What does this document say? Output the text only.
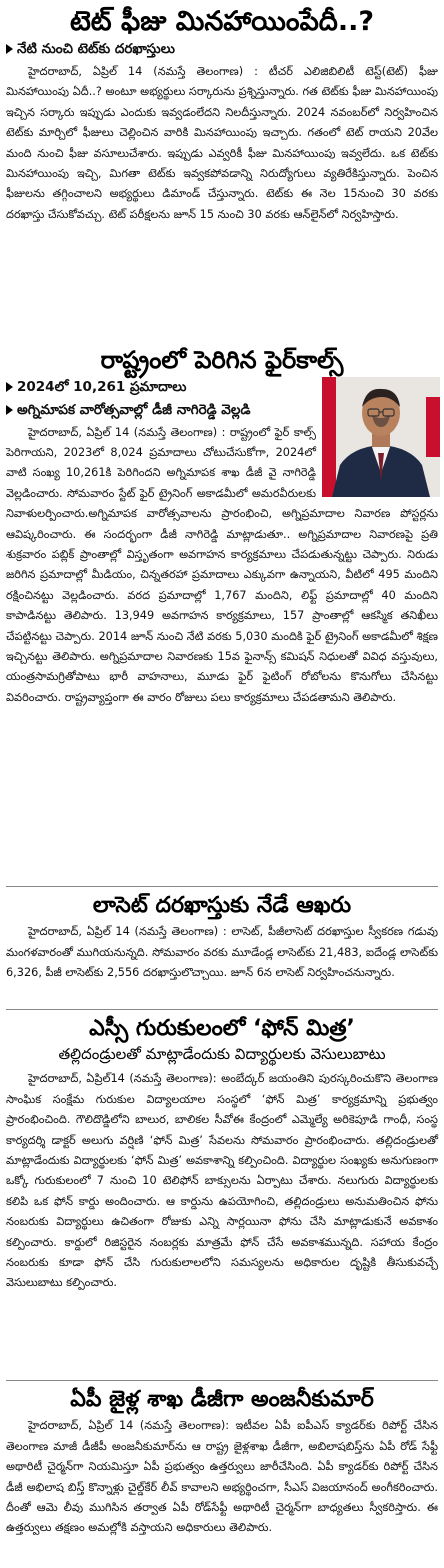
టెట్ ఫీజు మినహాయింపేదీ..?
నేటి నుంచి టెట్‌కు దరఖాస్తులు

హైదరాబాద్, ఏప్రిల్ 14 (నమస్తే తెలంగాణ) : టీచర్ ఎలిజిబిలిటీ టెస్ట్(టెట్) ఫీజు మినహాయింపు ఏదీ..? అంటూ అభ్యర్థులు సర్కారును ప్రశ్నిస్తున్నారు. గత టెట్‌కు ఫీజు మినహాయింపు ఇచ్చిన సర్కారు ఇప్పుడు ఎందుకు ఇవ్వడంలేదని నిలదీస్తున్నారు. 2024 నవంబర్‌లో నిర్వహించిన టెట్‌కు మార్చిలో ఫీజులు చెల్లించిన వారికి మినహాయింపు ఇచ్చారు. గతంలో టెట్ రాయని 20వేల మంది నుంచి ఫీజు వసూలుచేశారు. ఇప్పుడు ఎవ్వరికీ ఫీజు మినహాయింపు ఇవ్వలేదు. ఒక టెట్‌కు మినహాయింపు ఇచ్చి, మిగతా టెట్‌కు ఇవ్వకపోవడాన్ని నిరుద్యోగులు వ్యతిరేకిస్తున్నారు. పెంచిన ఫీజులను తగ్గించాలని అభ్యర్థులు డిమాండ్ చేస్తున్నారు. టెట్‌కు ఈ నెల 15నుంచి 30 వరకు దరఖాస్తు చేసుకోవచ్చు. టెట్ పరీక్షలను జూన్ 15 నుంచి 30 వరకు ఆన్‌లైన్‌లో నిర్వహిస్తారు.

రాష్ట్రంలో పెరిగిన ఫైర్‌కాల్స్
2024లో 10,261 ప్రమాదాలు
అగ్నిమాపక వారోత్సవాల్లో డీజీ నాగిరెడ్డి వెల్లడి

హైదరాబాద్, ఏప్రిల్ 14 (నమస్తే తెలంగాణ) : రాష్ట్రంలో ఫైర్ కాల్స్ పెరిగాయని, 2023లో 8,024 ప్రమాదాలు చోటుచేసుకోగా, 2024లో వాటి సంఖ్య 10,261కి పెరిగిందని అగ్నిమాపక శాఖ డీజీ వై నాగిరెడ్డి వెల్లడించారు. సోమవారం స్టేట్ ఫైర్ ట్రైనింగ్ అకాడమీలో అమరవీరులకు నివాళులర్పించారు.అగ్నిమాపక వారోత్సవాలను ప్రారంభించి, అగ్నిప్రమాదాల నివారణ పోస్టర్లను ఆవిష్కరించారు. ఈ సందర్భంగా డీజీ నాగిరెడ్డి మాట్లాడుతూ.. అగ్నిప్రమాదాల నివారణపై ప్రతి శుక్రవారం పబ్లిక్ ప్రాంతాల్లో విస్తృతంగా అవగాహన కార్యక్రమాలు చేపడుతున్నట్టు చెప్పారు. నిరుడు జరిగిన ప్రమాదాల్లో మీడియం, చిన్నతరహా ప్రమాదాలు ఎక్కువగా ఉన్నాయని, వీటిలో 495 మందిని రక్షించినట్టు వెల్లడించారు. వరద ప్రమాదాల్లో 1,767 మందిని, లిఫ్ట్ ప్రమాదాల్లో 40 మందిని కాపాడినట్టు తెలిపారు. 13,949 అవగాహన కార్యక్రమాలు, 157 ప్రాంతాల్లో ఆకస్మిక తనిఖీలు చేపట్టినట్టు చెప్పారు. 2014 జూన్ నుంచి నేటి వరకు 5,030 మందికి ఫైర్ ట్రైనింగ్ అకాడమీలో శిక్షణ ఇచ్చినట్టు తెలిపారు. అగ్నిప్రమాదాల నివారణకు 15వ ఫైనాన్స్ కమిషన్ నిధులతో వివిధ వస్తువులు, యంత్రసామగ్రితోపాటు భారీ వాహనాలు, మూడు ఫైర్ ఫైటింగ్ రోబోలను కొనుగోలు చేసినట్టు వివరించారు. రాష్ట్రవ్యాప్తంగా ఈ వారం రోజులు పలు కార్యక్రమాలు చేపడతామని తెలిపారు.

లాసెట్ దరఖాస్తుకు నేడే ఆఖరు

హైదరాబాద్, ఏప్రిల్ 14 (నమస్తే తెలంగాణ) : లాసెట్, పీజీలాసెట్ దరఖాస్తుల స్వీకరణ గడువు మంగళవారంతో ముగియనున్నది. సోమవారం వరకు మూడేండ్ల లాసెట్‌కు 21,483, ఐదేండ్ల లాసెట్‌కు 6,326, పీజీ లాసెట్‌కు 2,556 దరఖాస్తులొచ్చాయి. జూన్ 6న లాసెట్ నిర్వహించనున్నారు.

ఎస్సీ గురుకులంలో ‘ఫోన్ మిత్ర’
తల్లిదండ్రులతో మాట్లాడేందుకు విద్యార్థులకు వెసులుబాటు

హైదరాబాద్, ఏప్రిల్14 (నమస్తే తెలంగాణ): అంబేద్కర్ జయంతిని పురస్కరించుకొని తెలంగాణ సాంఘిక సంక్షేమ గురుకుల విద్యాలయాల సంస్థలో ‘ఫోన్ మిత్ర’ కార్యక్రమాన్ని ప్రభుత్వం ప్రారంభించింది. గౌలిదొడ్డిలోని బాలుర, బాలికల సీవోఈ కేంద్రంలో ఎమ్మెల్యే అరికెపూడి గాంధీ, సంస్థ కార్యదర్శి డాక్టర్ అలుగు వర్షిణి ‘ఫోన్ మిత్ర’ సేవలను సోమవారం ప్రారంభించారు. తల్లిదండ్రులతో మాట్లాడేందుకు విద్యార్థులకు ‘ఫోన్ మిత్ర’ అవకాశాన్ని కల్పించింది. విద్యార్థుల సంఖ్యకు అనుగుణంగా ఒక్కో గురుకులంలో 7 నుంచి 10 టెలిఫోన్ బాక్సులను ఏర్పాటు చేశారు. నలుగురు విద్యార్థులకు కలిపి ఒక ఫోన్ కార్డు అందించారు. ఆ కార్డును ఉపయోగించి, తల్లిదండ్రులు అనుమతించిన ఫోను నంబరుకు విద్యార్థులు ఉచితంగా రోజుకు ఎన్ని సార్లయినా ఫోను చేసి మాట్లాడుకునే అవకాశం కల్పించారు. కార్డులో రిజిస్టరైన నంబర్లకు మాత్రమే ఫోన్ చేసే అవకాశమున్నది. సహాయ కేంద్రం నంబరుకు కూడా ఫోన్ చేసి గురుకులాలలోని సమస్యలను అధికారుల దృష్టికి తీసుకువచ్చే వెసులుబాటు కల్పించారు.

ఏపీ జైళ్ల శాఖ డీజీగా అంజనీకుమార్

హైదరాబాద్, ఏప్రిల్ 14 (నమస్తే తెలంగాణ): ఇటీవల ఏపీ ఐపీఎస్ క్యాడర్‌కు రిపోర్ట్ చేసిన తెలంగాణ మాజీ డీజీపీ అంజనీకుమార్‌ను ఆ రాష్ట్ర జైళ్లశాఖ డీజీగా, అబిలాషబిస్త్‌ను ఏపీ రోడ్ సేఫ్టీ అథారిటీ చైర్మన్‌గా నియమిస్తూ ఏపీ ప్రభుత్వం ఉత్తర్వులు జారీచేసింది. ఏపీ క్యాడర్‌కు రిపోర్ట్ చేసిన డీజీ అభిలాష బిస్త్ కొన్నాళ్లు చైల్డ్‌కేర్ లీవ్ కావాలని అభ్యర్థించగా, సీఎస్ విజయానంద్ అంగీకరించారు. దీంతో ఆమె లీవు ముగిసిన తర్వాత ఏపీ రోడ్‌సేఫ్టీ అథారిటీ చైర్మన్‌గా బాధ్యతలు స్వీకరిస్తారు. ఈ ఉత్తర్వులు తక్షణం అమల్లోకి వస్తాయని అధికారులు తెలిపారు.
